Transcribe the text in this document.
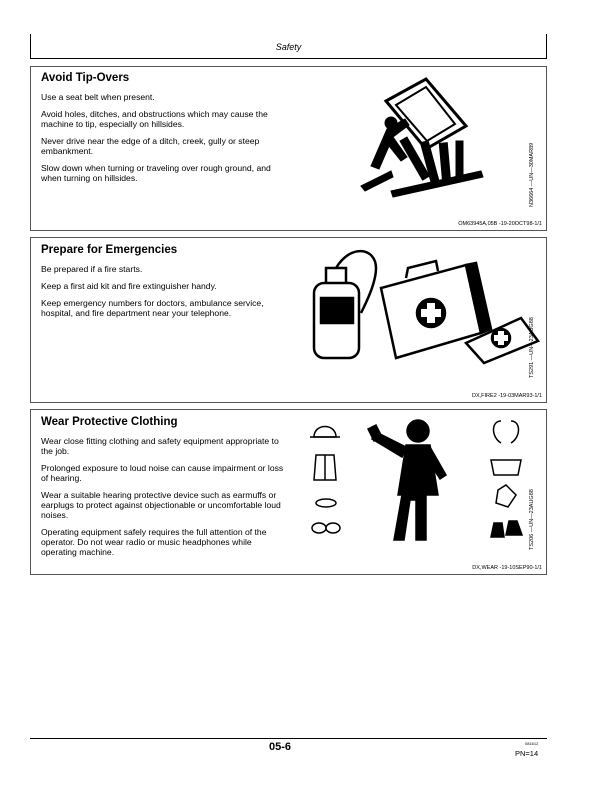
Safety
Avoid Tip-Overs

Use a seat belt when present.

Avoid holes, ditches, and obstructions which may cause the machine to tip, especially on hillsides.

Never drive near the edge of a ditch, creek, gully or steep embankment.

Slow down when turning or traveling over rough ground, and when turning on hillsides.	N36664 —UN—30MAR89
OM63945A,05B -19-20OCT98-1/1
Prepare for Emergencies

Be prepared if a fire starts.

Keep a first aid kit and fire extinguisher handy.

Keep emergency numbers for doctors, ambulance service, hospital, and fire department near your telephone.

TS291 —UN—23AUG88
DX,FIRE2 -19-03MAR93-1/1
Wear Protective Clothing

Wear close fitting clothing and safety equipment appropriate to the job.

Prolonged exposure to loud noise can cause impairment or loss of hearing.

Wear a suitable hearing protective device such as earmuffs or earplugs to protect against objectionable or uncomfortable loud noises.

Operating equipment safely requires the full attention of the operator. Do not wear radio or music headphones while operating machine.

TS206 —UN—23AUG88
DX,WEAR -19-10SEP90-1/1
05-6	081612
PN=14
